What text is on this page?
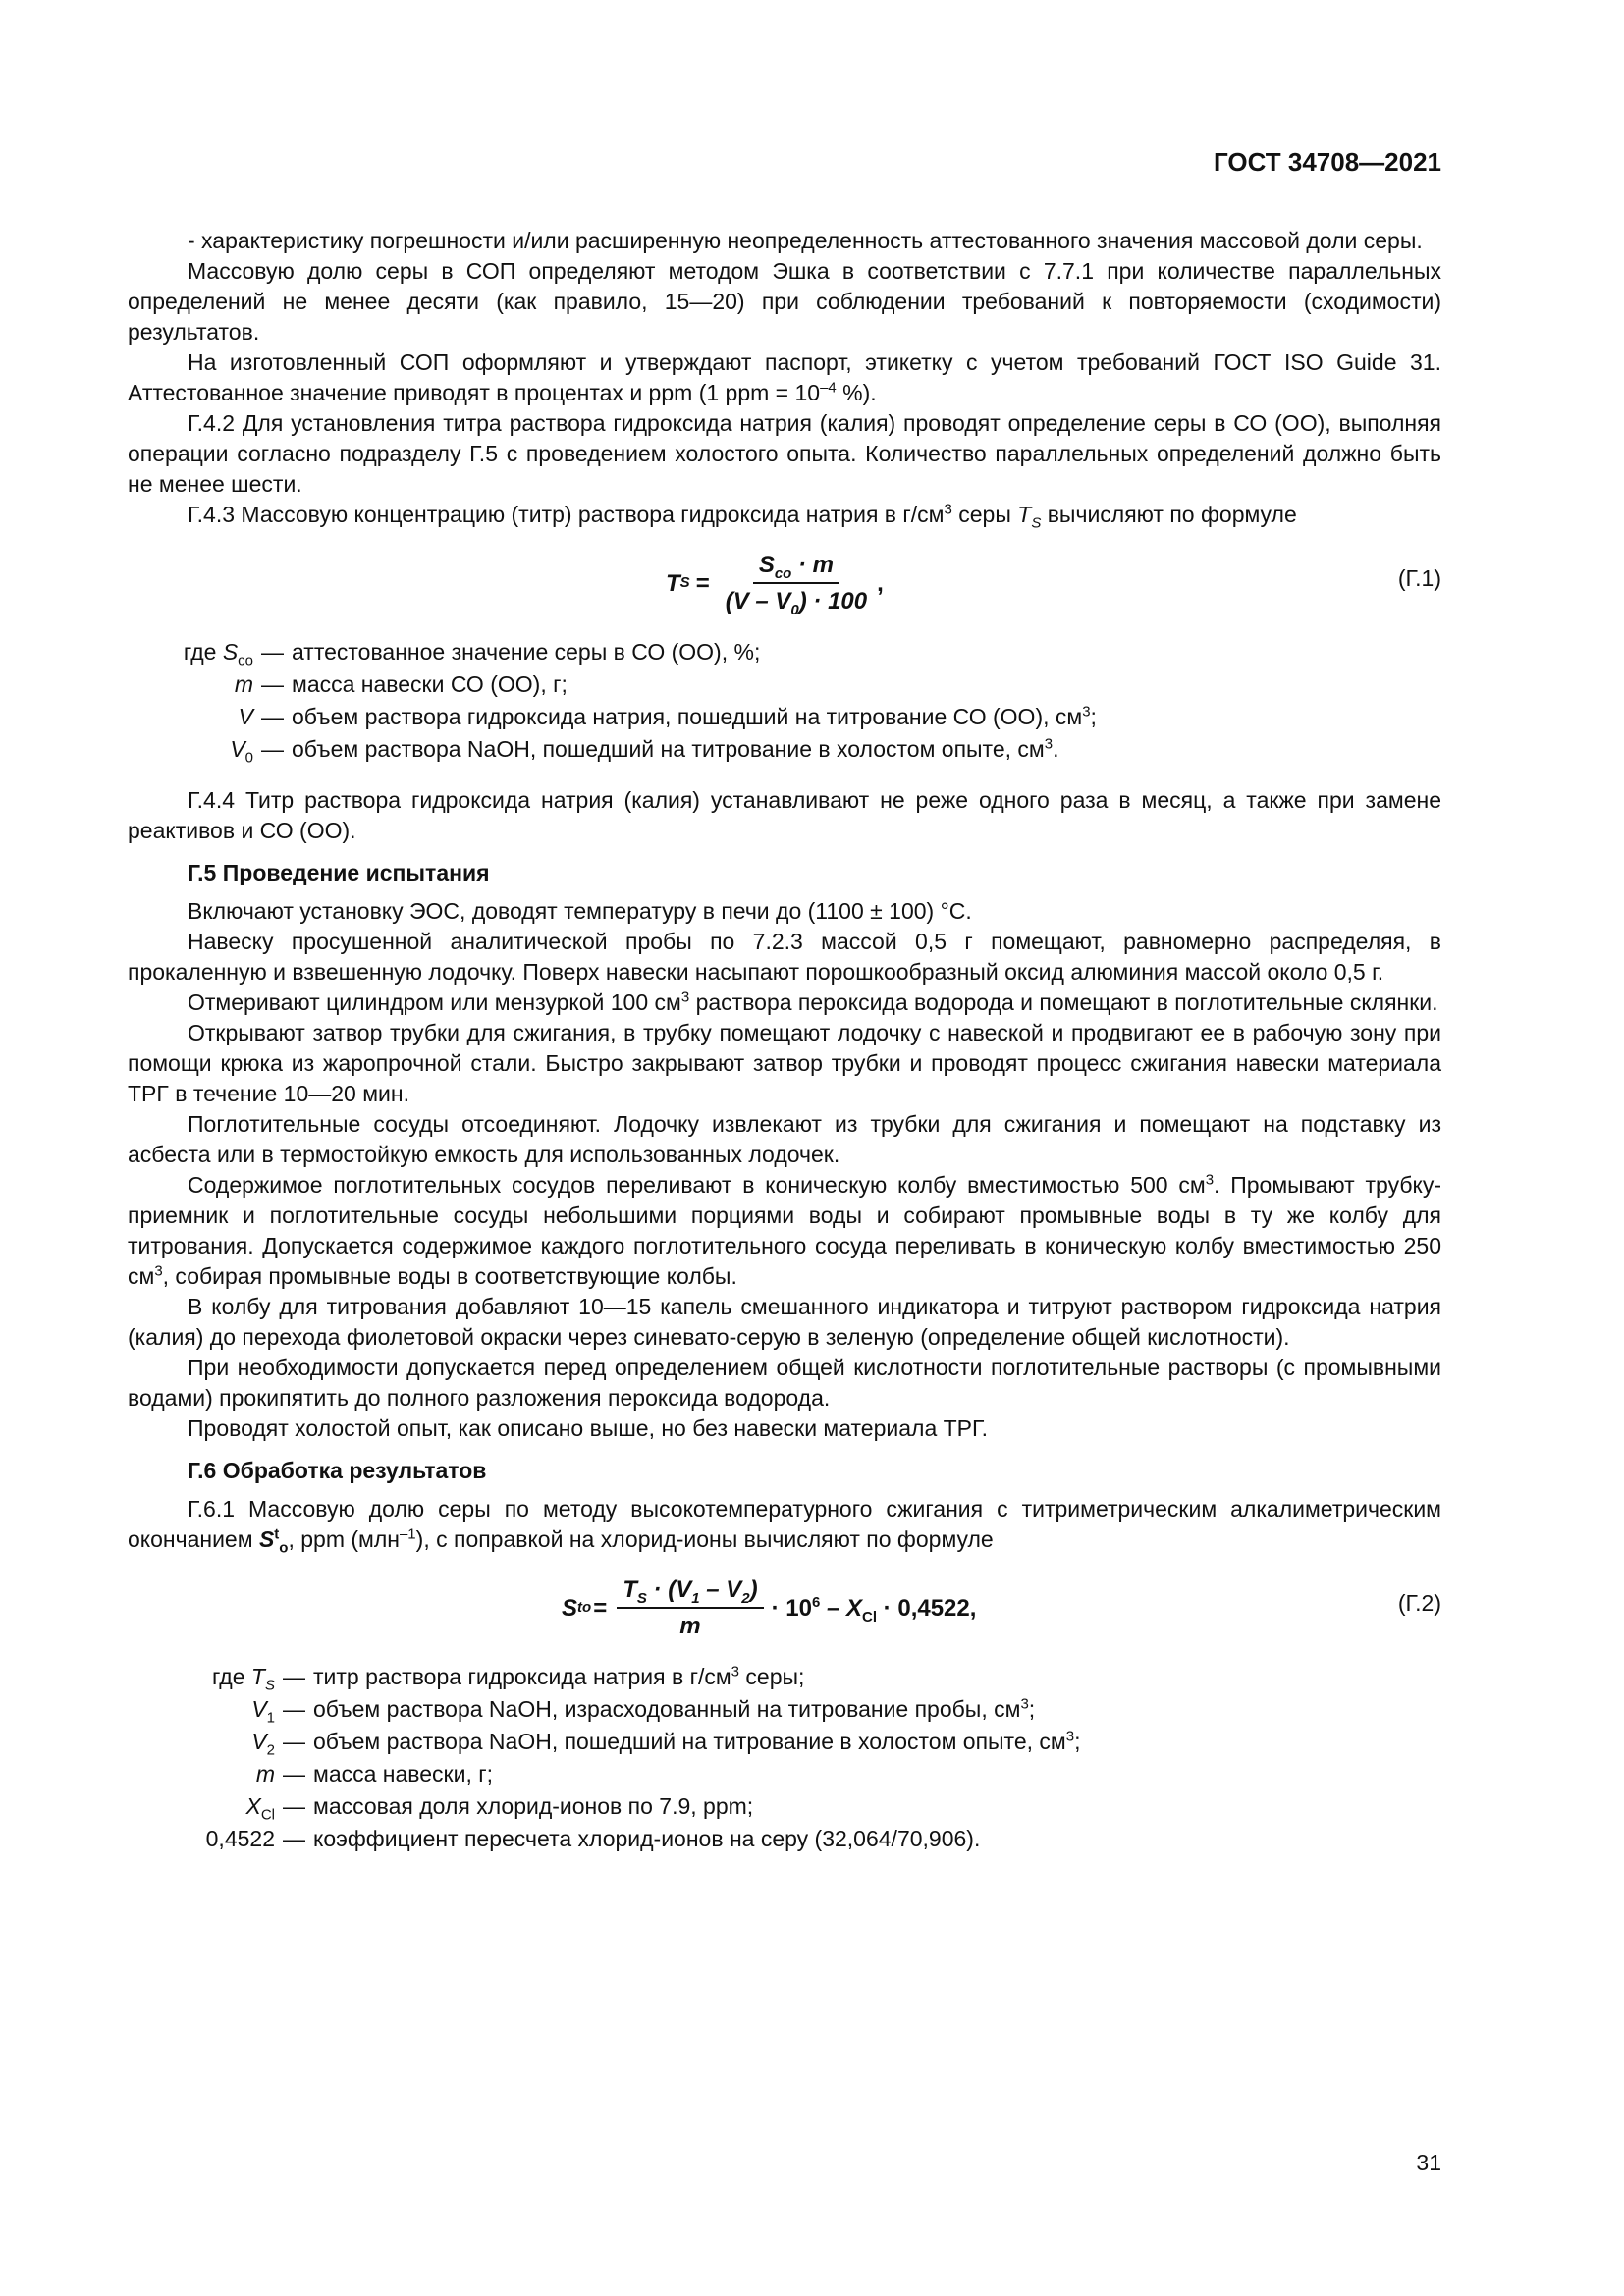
ГОСТ 34708—2021

- характеристику погрешности и/или расширенную неопределенность аттестованного значения массовой доли серы.

Массовую долю серы в СОП определяют методом Эшка в соответствии с 7.7.1 при количестве параллельных определений не менее десяти (как правило, 15—20) при соблюдении требований к повторяемости (сходимости) результатов.

На изготовленный СОП оформляют и утверждают паспорт, этикетку с учетом требований ГОСТ ISO Guide 31. Аттестованное значение приводят в процентах и ppm (1 ppm = $10^{-4}$ %).

Г.4.2 Для установления титра раствора гидроксида натрия (калия) проводят определение серы в СО (ОО), выполняя операции согласно подразделу Г.5 с проведением холостого опыта. Количество параллельных определений должно быть не менее шести.

Г.4.3 Массовую концентрацию (титр) раствора гидроксида натрия в $г/см^3$ серы $T_S$ вычисляют по формуле

T $S = \frac{S_{co} \cdot m}{(V - V_0) \cdot 100}$ ,	(Г.1)
где $S_{co}$ — аттестованное значение серы в СО (ОО), %;
m — масса навески СО (ОО), г;
V — объем раствора гидроксида натрия, пошедший на титрование СО (ОО), $см^3$;
$V_0$ — объем раствора NaOH, пошедший на титрование в холостом опыте, $см^3$.

Г.4.4 Титр раствора гидроксида натрия (калия) устанавливают не реже одного раза в месяц, а также при замене реактивов и СО (ОО).

Г.5 Проведение испытания

Включают установку ЭОС, доводят температуру в печи до (1100 ± 100) °С.

Навеску просушенной аналитической пробы по 7.2.3 массой 0,5 г помещают, равномерно распределяя, в прокаленную и взвешенную лодочку. Поверх навески насыпают порошкообразный оксид алюминия массой около 0,5 г.

Отмеривают цилиндром или мензуркой 100 $см^3$ раствора пероксида водорода и помещают в поглотительные склянки.

Открывают затвор трубки для сжигания, в трубку помещают лодочку с навеской и продвигают ее в рабочую зону при помощи крюка из жаропрочной стали. Быстро закрывают затвор трубки и проводят процесс сжигания навески материала ТРГ в течение 10—20 мин.

Поглотительные сосуды отсоединяют. Лодочку извлекают из трубки для сжигания и помещают на подставку из асбеста или в термостойкую емкость для использованных лодочек.

Содержимое поглотительных сосудов переливают в коническую колбу вместимостью 500 $см^3$. Промывают трубку-приемник и поглотительные сосуды небольшими порциями воды и собирают промывные воды в ту же колбу для титрования. Допускается содержимое каждого поглотительного сосуда переливать в коническую колбу вместимостью 250 $см^3$, собирая промывные воды в соответствующие колбы.

В колбу для титрования добавляют 10—15 капель смешанного индикатора и титруют раствором гидроксида натрия (калия) до перехода фиолетовой окраски через синевато-серую в зеленую (определение общей кислотности).

При необходимости допускается перед определением общей кислотности поглотительные растворы (с промывными водами) прокипятить до полного разложения пероксида водорода.

Проводят холостой опыт, как описано выше, но без навески материала ТРГ.

Г.6 Обработка результатов

Г.6.1 Массовую долю серы по методу высокотемпературного сжигания с титриметрическим алкалиметрическим окончанием $S^t_o$, ppm (млн$^{-1}$), с поправкой на хлорид-ионы вычисляют по формуле

S t $o = \frac{T_S \cdot (V_1 - V_2)}{m} \cdot 10^6 - X_{Cl} \cdot 0,4522$ ,	(Г.2)
где $T_S$ — титр раствора гидроксида натрия в $г/см^3$ серы;
$V_1$ — объем раствора NaOH, израсходованный на титрование пробы, $см^3$;
$V_2$ — объем раствора NaOH, пошедший на титрование в холостом опыте, $см^3$;
m — масса навески, г;
$X_{Cl}$ — массовая доля хлорид-ионов по 7.9, ppm;
0,4522 — коэффициент пересчета хлорид-ионов на серу (32,064/70,906).
31
